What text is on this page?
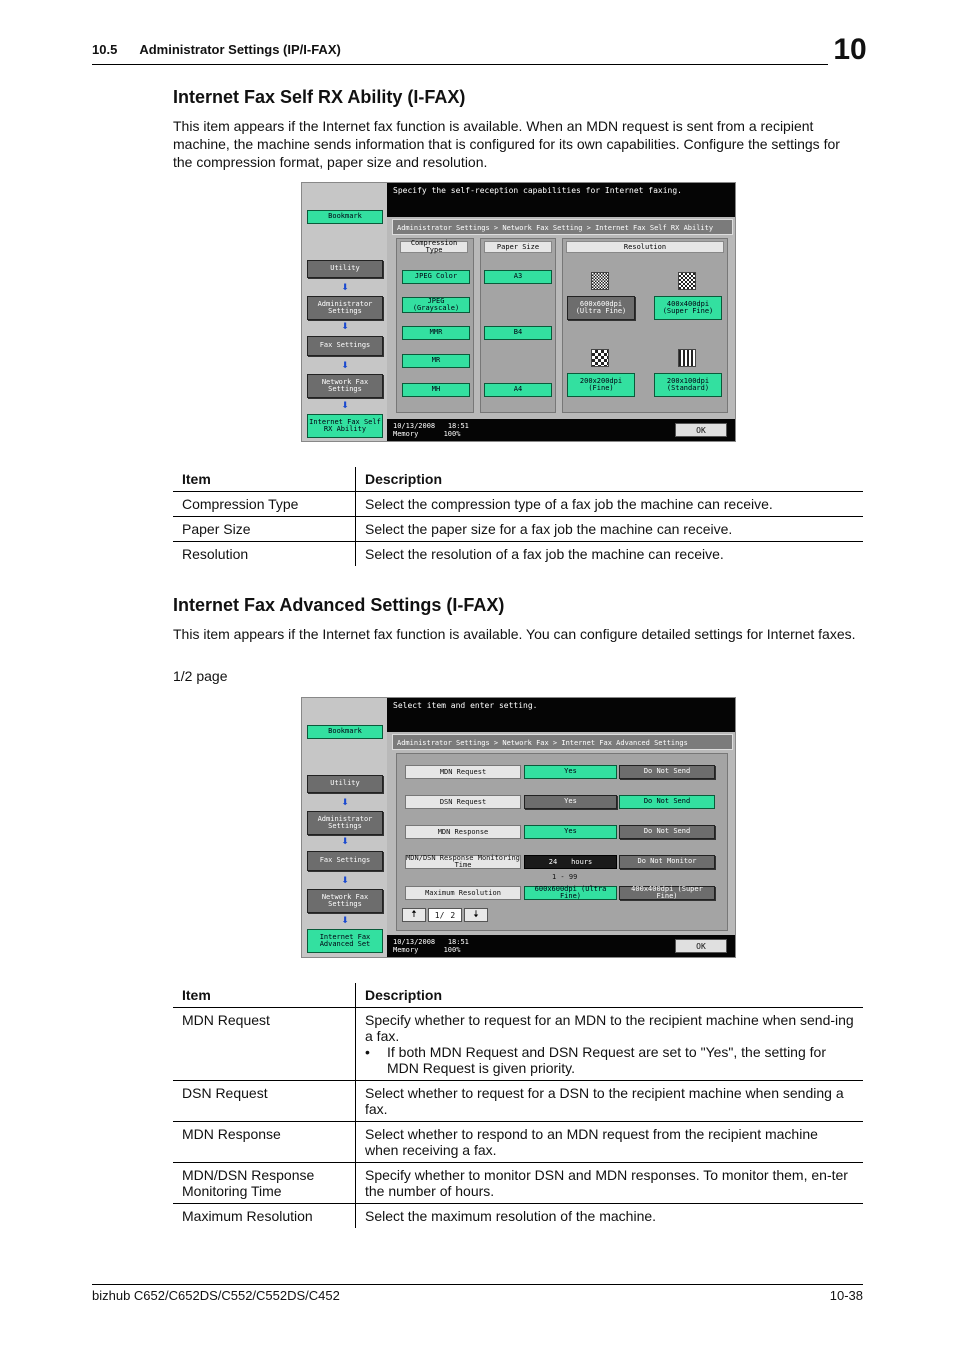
10.5 Administrator Settings (IP/I-FAX)	10
Internet Fax Self RX Ability (I-FAX)
This item appears if the Internet fax function is available. When an MDN request is sent from a recipient machine, the machine sends information that is configured for its own capabilities. Configure the settings for the compression format, paper size and resolution.
Specify the self-reception capabilities for Internet faxing.
Bookmark
Utility
⬇
Administrator Settings
⬇
Fax Settings
⬇
Network Fax Settings
⬇
Internet Fax Self RX Ability
Administrator Settings > Network Fax Setting > Internet Fax Self RX Ability
Compression Type	Paper Size	Resolution
JPEG Color
JPEG (Grayscale)
MMR
MR
MH
A3
B4
A4
600x600dpi (Ultra Fine)
400x400dpi (Super Fine)
200x200dpi (Fine)
200x100dpi (Standard)
10/13/2008 18:51
Memory	100%	OK
Item	Description
Compression Type	Select the compression type of a fax job the machine can receive.
Paper Size	Select the paper size for a fax job the machine can receive.
Resolution	Select the resolution of a fax job the machine can receive.
Internet Fax Advanced Settings (I-FAX)
This item appears if the Internet fax function is available. You can configure detailed settings for Internet faxes.
1/2 page
Select item and enter setting.
Bookmark
Utility
⬇
Administrator Settings
⬇
Fax Settings
⬇
Network Fax Settings
⬇
Internet Fax Advanced Set
Administrator Settings > Network Fax > Internet Fax Advanced Settings
MDN Request	Yes	Do Not Send
DSN Request	Yes	Do Not Send
MDN Response	Yes	Do Not Send
MDN/DSN Response Monitoring Time	24 hours	Do Not Monitor
1 - 99
Maximum Resolution	600x600dpi (Ultra Fine)
400x400dpi (Super Fine)
🠅	1/ 2	🠇
10/13/2008 18:51
Memory	100%	OK
Item	Description
MDN Request	Specify whether to request for an MDN to the recipient machine when send-ing a fax.
• If both MDN Request and DSN Request are set to "Yes", the setting for MDN Request is given priority.

DSN Request	Select whether to request for a DSN to the recipient machine when sending a fax.
MDN Response	Select whether to respond to an MDN request from the recipient machine when receiving a fax.
MDN/DSN Response Monitoring Time	Specify whether to monitor DSN and MDN responses. To monitor them, en-ter the number of hours.
Maximum Resolution	Select the maximum resolution of the machine.
bizhub C652/C652DS/C552/C552DS/C452	10-38
